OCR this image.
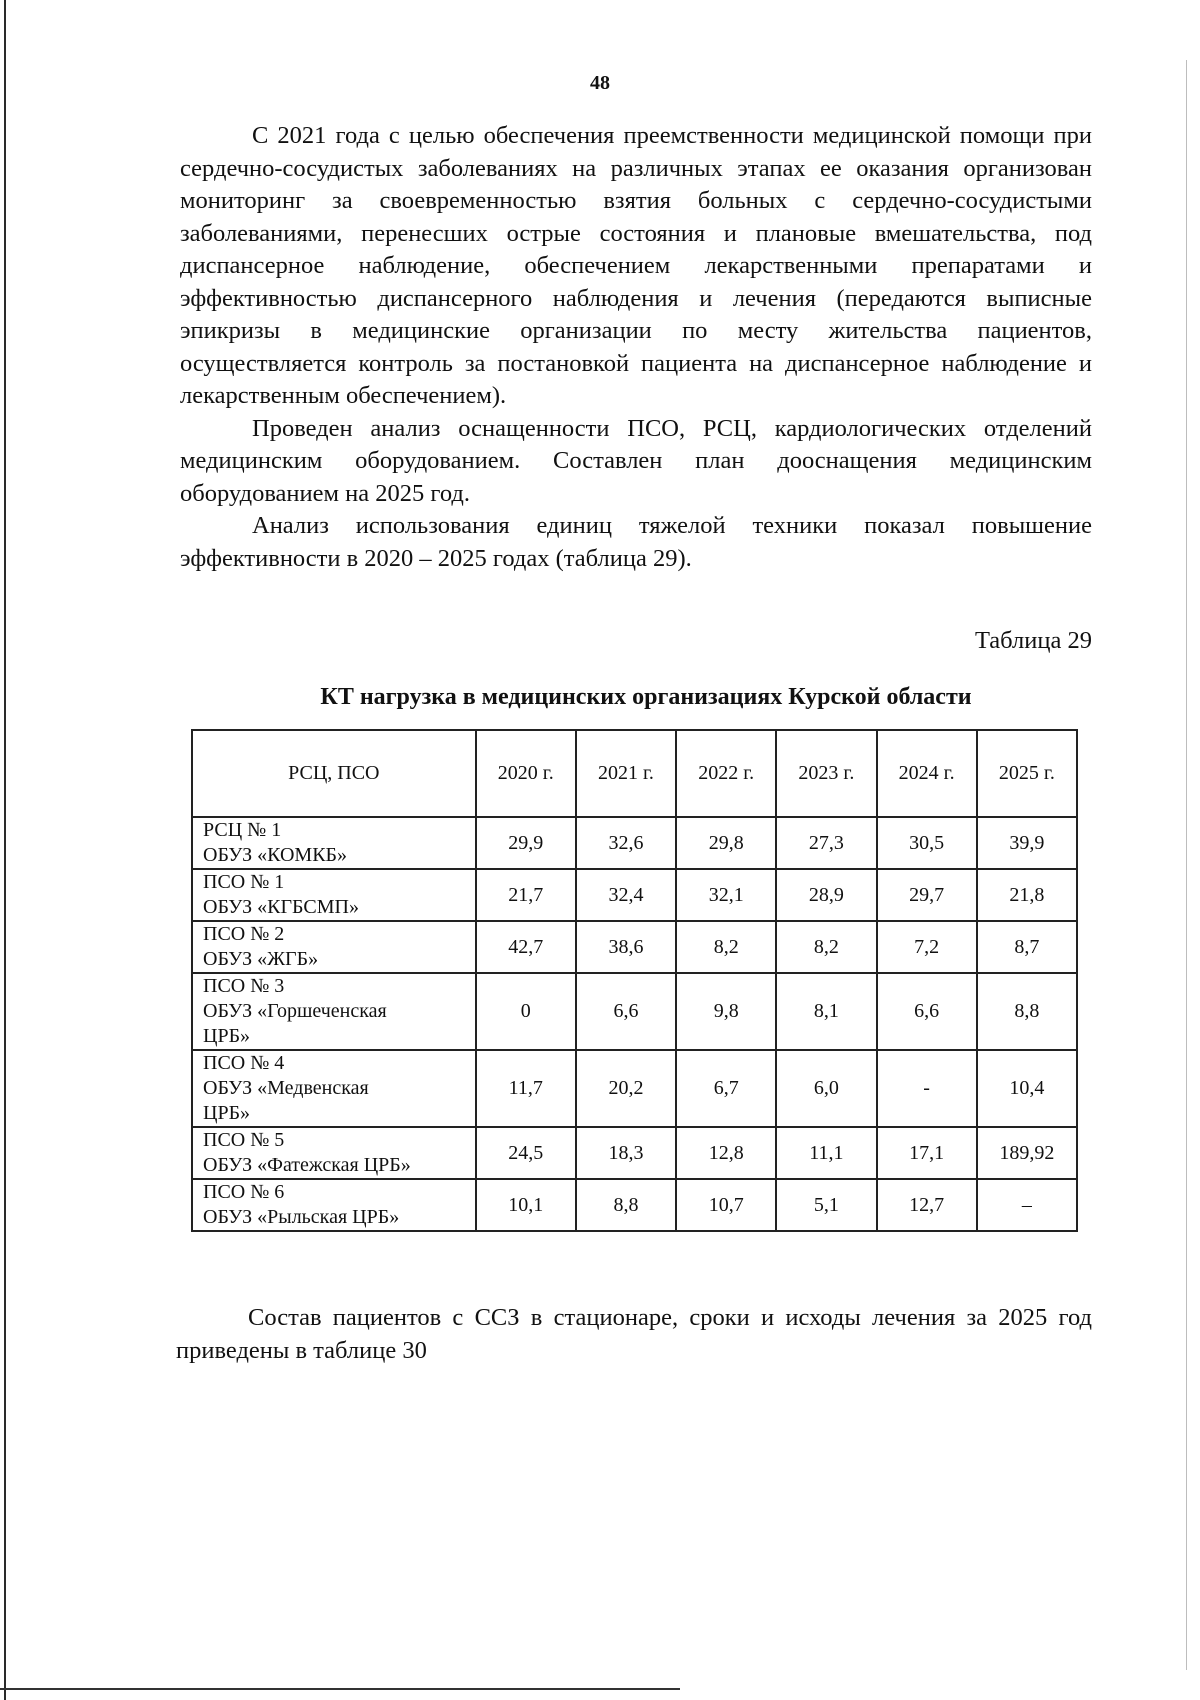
48

С 2021 года с целью обеспечения преемственности медицинской помощи при сердечно-сосудистых заболеваниях на различных этапах ее оказания организован мониторинг за своевременностью взятия больных с сердечно-сосудистыми заболеваниями, перенесших острые состояния и плановые вмешательства, под диспансерное наблюдение, обеспечением лекарственными препаратами и эффективностью диспансерного наблюдения и лечения (передаются выписные эпикризы в медицинские организации по месту жительства пациентов, осуществляется контроль за постановкой пациента на диспансерное наблюдение и лекарственным обеспечением).

Проведен анализ оснащенности ПСО, РСЦ, кардиологических отделений медицинским оборудованием. Составлен план дооснащения медицинским оборудованием на 2025 год.

Анализ использования единиц тяжелой техники показал повышение эффективности в 2020 – 2025 годах (таблица 29).

Таблица 29
КТ нагрузка в медицинских организациях Курской области
РСЦ, ПСО	2020 г.	2021 г.	2022 г.	2023 г.	2024 г.	2025 г.

РСЦ № 1
ОБУЗ «КОМКБ»	29,9	32,6	29,8	27,3	30,5	39,9

ПСО № 1
ОБУЗ «КГБСМП»	21,7	32,4	32,1	28,9	29,7	21,8

ПСО № 2
ОБУЗ «ЖГБ»	42,7	38,6	8,2	8,2	7,2	8,7

ПСО № 3
ОБУЗ «Горшеченская
ЦРБ»	0	6,6	9,8	8,1	6,6	8,8

ПСО № 4
ОБУЗ «Медвенская
ЦРБ»	11,7	20,2	6,7	6,0	-	10,4

ПСО № 5
ОБУЗ «Фатежская ЦРБ»	24,5	18,3	12,8	11,1	17,1	189,92

ПСО № 6
ОБУЗ «Рыльская ЦРБ»	10,1	8,8	10,7	5,1	12,7	–

Состав пациентов с ССЗ в стационаре, сроки и исходы лечения за 2025 год приведены в таблице 30
